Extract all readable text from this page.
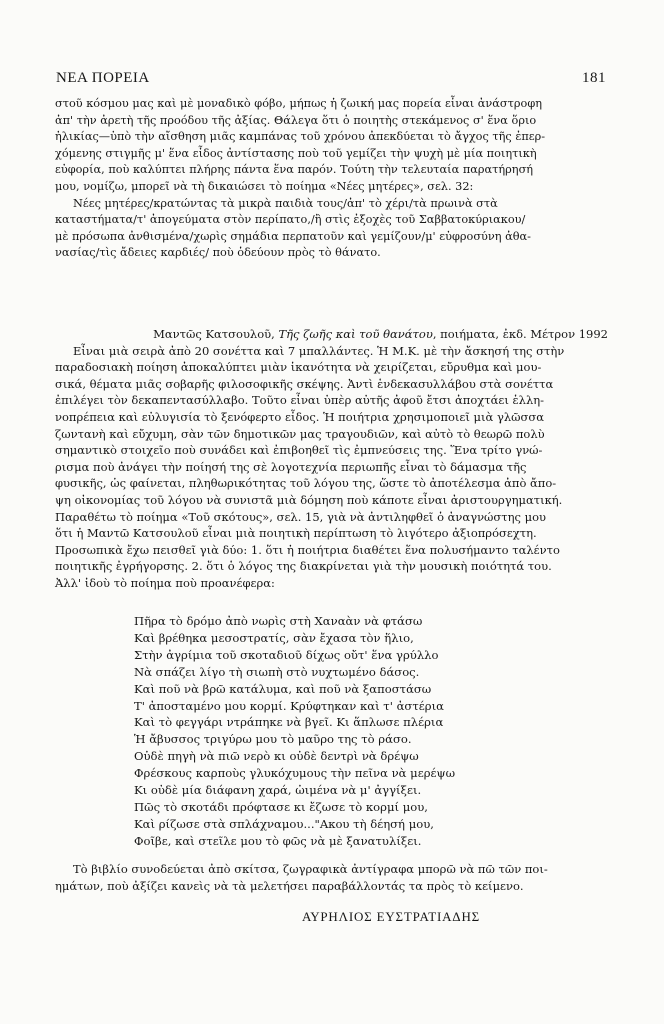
ΝΕΑ ΠΟΡΕΙΑ	181
στοῦ κόσμου μας καὶ μὲ μοναδικὸ φόβο, μήπως ἡ ζωική μας πορεία εἶναι ἀνάστροφη
ἀπ' τὴν ἀρετὴ τῆς προόδου τῆς ἀξίας. Θάλεγα ὅτι ὁ ποιητὴς στεκάμενος σ' ἕνα ὅριο
ἡλικίας—ὑπὸ τὴν αἴσθηση μιᾶς καμπάνας τοῦ χρόνου ἀπεκδύεται τὸ ἄγχος τῆς ἐπερ-
χόμενης στιγμῆς μ' ἕνα εἶδος ἀντίστασης ποὺ τοῦ γεμίζει τὴν ψυχὴ μὲ μία ποιητικὴ
εὐφορία, ποὺ καλύπτει πλήρης πάντα ἕνα παρόν. Τούτη τὴν τελευταία παρατήρησή
μου, νομίζω, μπορεῖ νὰ τὴ δικαιώσει τὸ ποίημα «Νέες μητέρες», σελ. 32:
Νέες μητέρες/κρατώντας τὰ μικρὰ παιδιὰ τους/ἀπ' τὸ χέρι/τὰ πρωινὰ στὰ
καταστήματα/τ' ἀπογεύματα στὸν περίπατο,/ἢ στὶς ἐξοχὲς τοῦ Σαββατοκύριακου/
μὲ πρόσωπα ἀνθισμένα/χωρὶς σημάδια περπατοῦν καὶ γεμίζουν/μ' εὐφροσύνη ἀθα-
νασίας/τὶς ἄδειες καρδιές/ ποὺ ὁδεύουν πρὸς τὸ θάνατο.
Μαντῶς Κατσουλοῦ, Τῆς ζωῆς καὶ τοῦ θανάτου, ποιήματα, ἐκδ. Μέτρον 1992
Εἶναι μιὰ σειρὰ ἀπὸ 20 σονέττα καὶ 7 μπαλλάντες. Ἡ Μ.Κ. μὲ τὴν ἄσκησή της στὴν
παραδοσιακὴ ποίηση ἀποκαλύπτει μιὰν ἱκανότητα νὰ χειρίζεται, εὔρυθμα καὶ μου-
σικά, θέματα μιᾶς σοβαρῆς φιλοσοφικῆς σκέψης. Ἀντὶ ἑνδεκασυλλάβου στὰ σονέττα
ἐπιλέγει τὸν δεκαπεντασύλλαβο. Τοῦτο εἶναι ὑπὲρ αὐτῆς ἀφοῦ ἔτσι ἀποχτάει ἑλλη-
νοπρέπεια καὶ εὐλυγισία τὸ ξενόφερτο εἶδος. Ἡ ποιήτρια χρησιμοποιεῖ μιὰ γλῶσσα
ζωντανὴ καὶ εὔχυμη, σὰν τῶν δημοτικῶν μας τραγουδιῶν, καὶ αὐτὸ τὸ θεωρῶ πολὺ
σημαντικὸ στοιχεῖο ποὺ συνάδει καὶ ἐπιβοηθεῖ τὶς ἐμπνεύσεις της. Ἕνα τρίτο γνώ-
ρισμα ποὺ ἀνάγει τὴν ποίησή της σὲ λογοτεχνία περιωπῆς εἶναι τὸ δάμασμα τῆς
φυσικῆς, ὡς φαίνεται, πληθωρικότητας τοῦ λόγου της, ὥστε τὸ ἀποτέλεσμα ἀπὸ ἄπο-
ψη οἰκονομίας τοῦ λόγου νὰ συνιστᾶ μιὰ δόμηση ποὺ κάποτε εἶναι ἀριστουργηματική.
Παραθέτω τὸ ποίημα «Τοῦ σκότους», σελ. 15, γιὰ νὰ ἀντιληφθεῖ ὁ ἀναγνώστης μου
ὅτι ἡ Μαντῶ Κατσουλοῦ εἶναι μιὰ ποιητικὴ περίπτωση τὸ λιγότερο ἀξιοπρόσεχτη.
Προσωπικὰ ἔχω πεισθεῖ γιὰ δύο: 1. ὅτι ἡ ποιήτρια διαθέτει ἕνα πολυσήμαντο ταλέντο
ποιητικῆς ἐγρήγορσης. 2. ὅτι ὁ λόγος της διακρίνεται γιὰ τὴν μουσικὴ ποιότητά του.
Ἀλλ' ἰδοὺ τὸ ποίημα ποὺ προανέφερα:
Πῆρα τὸ δρόμο ἀπὸ νωρὶς στὴ Χαναὰν νὰ φτάσω
Καὶ βρέθηκα μεσοστρατίς, σὰν ἔχασα τὸν ἥλιο,
Στὴν ἀγρίμια τοῦ σκοταδιοῦ δίχως οὔτ' ἕνα γρύλλο
Νὰ σπάζει λίγο τὴ σιωπὴ στὸ νυχτωμένο δάσος.
Καὶ ποῦ νὰ βρῶ κατάλυμα, καὶ ποῦ νὰ ξαποστάσω
Τ' ἀποσταμένο μου κορμί. Κρύφτηκαν καὶ τ' ἀστέρια
Καὶ τὸ φεγγάρι ντράπηκε νὰ βγεῖ. Κι ἅπλωσε πλέρια
Ἡ ἄβυσσος τριγύρω μου τὸ μαῦρο της τὸ ράσο.
Οὐδὲ πηγὴ νὰ πιῶ νερὸ κι οὐδὲ δεντρὶ νὰ δρέψω
Φρέσκους καρποὺς γλυκόχυμους τὴν πεῖνα νὰ μερέψω
Κι οὐδὲ μία διάφανη χαρά, ὠιμένα νὰ μ' ἀγγίξει.
Πῶς τὸ σκοτάδι πρόφτασε κι ἔζωσε τὸ κορμί μου,
Καὶ ρίζωσε στὰ σπλάχναμου..."Ακου τὴ δέησή μου,
Φοῖβε, καὶ στεῖλε μου τὸ φῶς νὰ μὲ ξανατυλίξει.
Τὸ βιβλίο συνοδεύεται ἀπὸ σκίτσα, ζωγραφικὰ ἀντίγραφα μπορῶ νὰ πῶ τῶν ποι-
ημάτων, ποὺ ἀξίζει κανεὶς νὰ τὰ μελετήσει παραβάλλοντάς τα πρὸς τὸ κείμενο.
ΑΥΡΗΛΙΟΣ ΕΥΣΤΡΑΤΙΑΔΗΣ
